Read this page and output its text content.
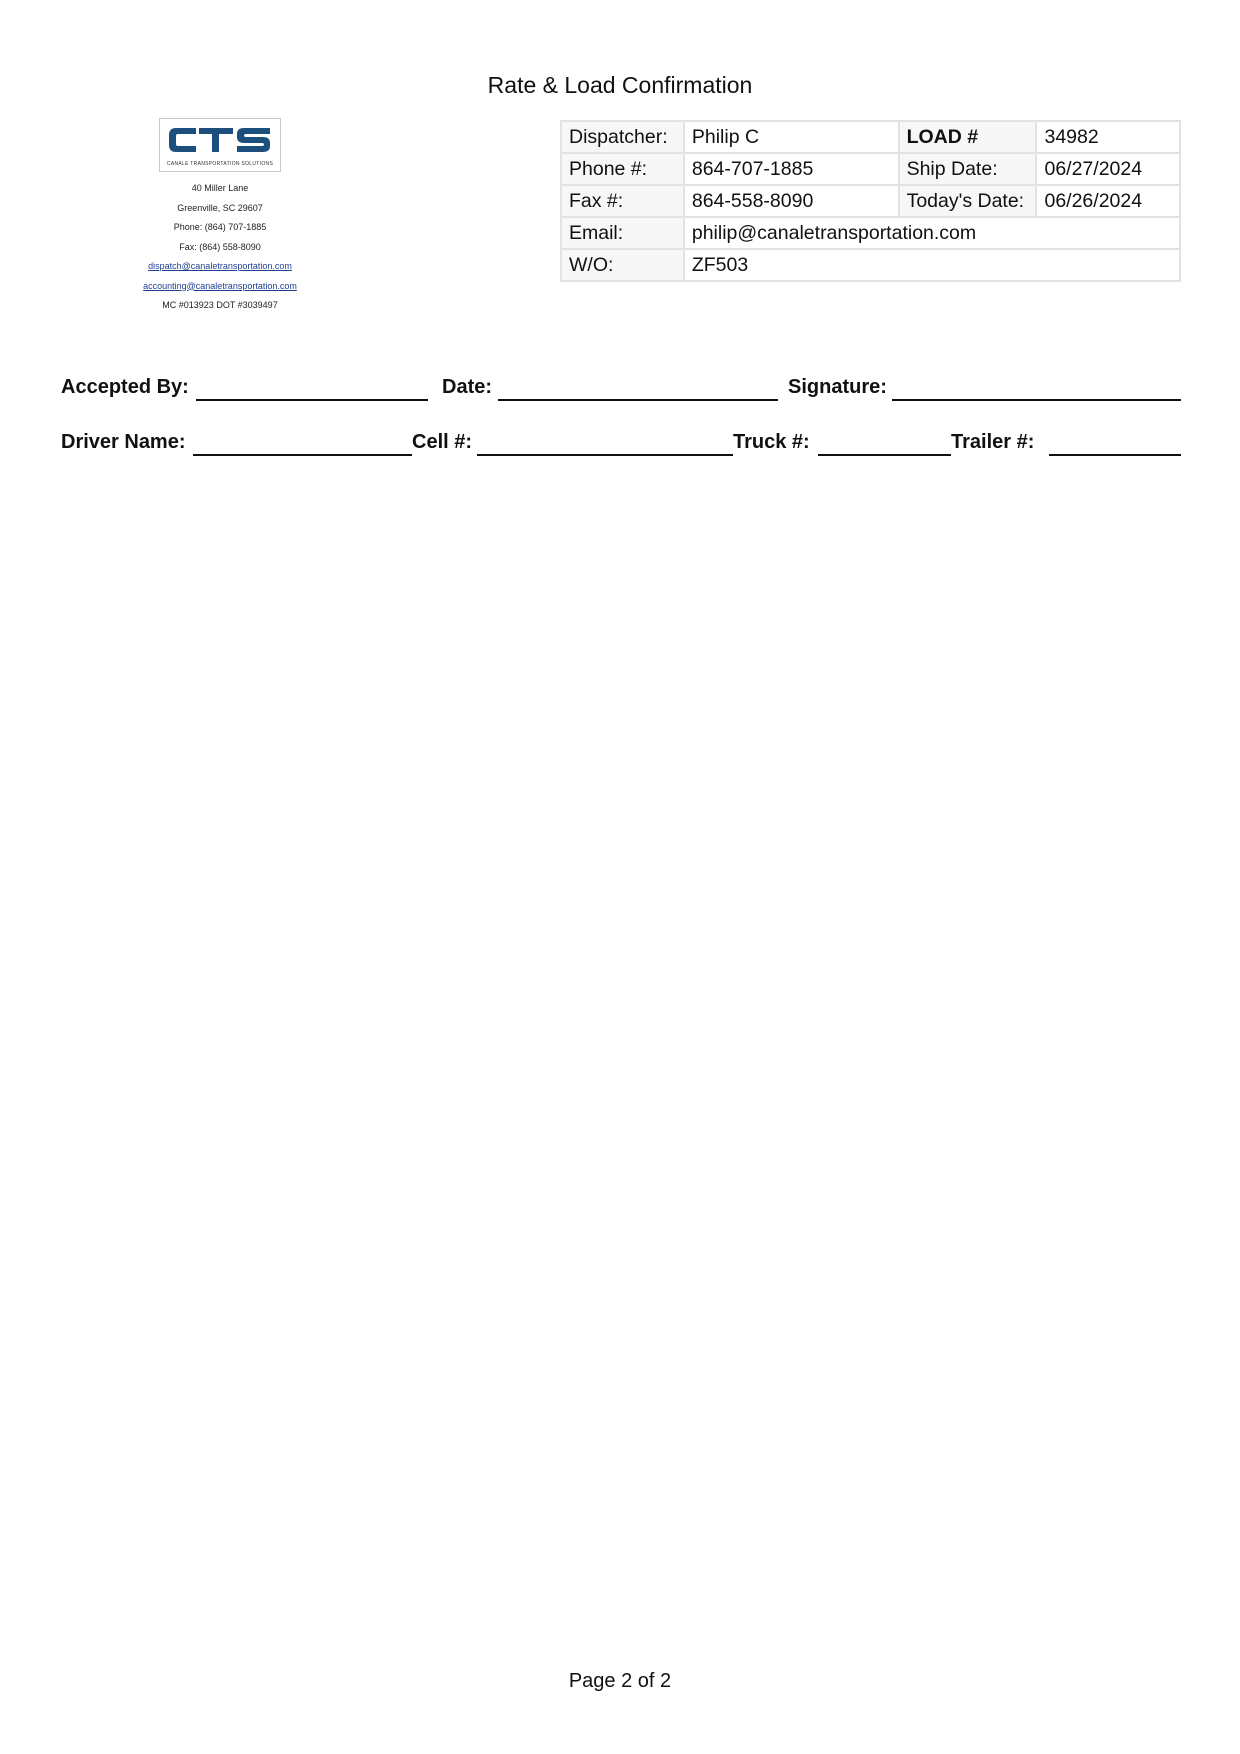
Rate & Load Confirmation
CANALE TRANSPORTATION SOLUTIONS
40 Miller Lane
Greenville, SC 29607
Phone: (864) 707-1885
Fax: (864) 558-8090
dispatch@canaletransportation.com
accounting@canaletransportation.com
MC #013923 DOT #3039497
Dispatcher:	Philip C	LOAD #	34982
Phone #:	864-707-1885	Ship Date:	06/27/2024
Fax #:	864-558-8090	Today's Date:	06/26/2024
Email:	philip@canaletransportation.com		
W/O:	ZF503		
Accepted By:	Date:	Signature:
Driver Name:	Cell #:	Truck #:	Trailer #:
Page 2 of 2
